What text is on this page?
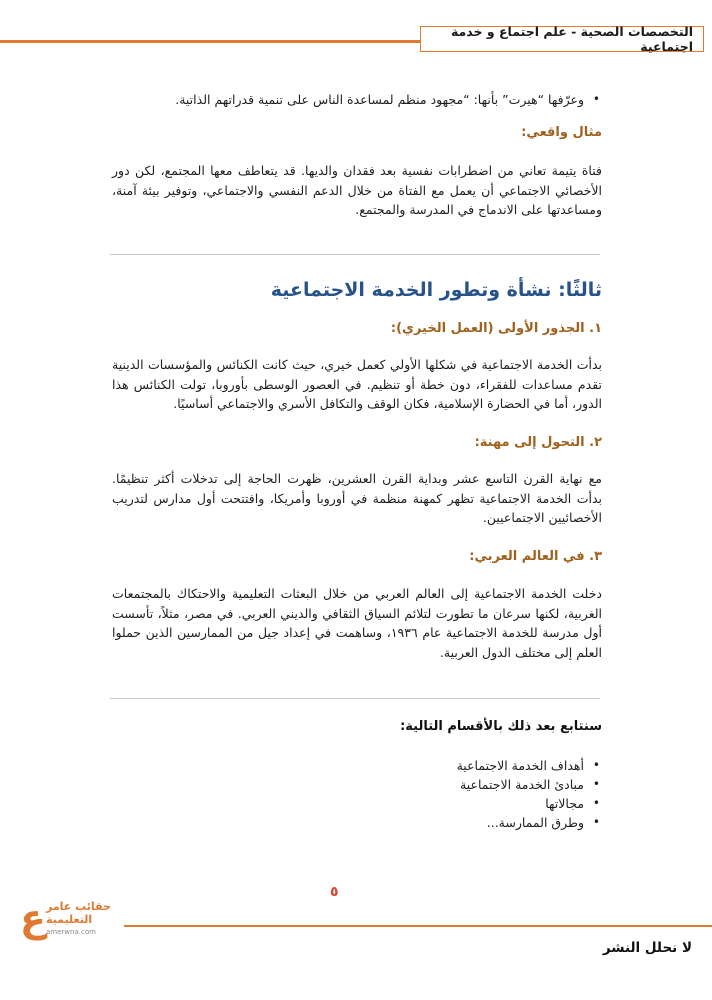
التخصصات الصحية - علم اجتماع و خدمة اجتماعية
• وعرّفها “هيرت” بأنها: “مجهود منظم لمساعدة الناس على تنمية قدراتهم الذاتية.

مثال واقعي:

فتاة يتيمة تعاني من اضطرابات نفسية بعد فقدان والديها. قد يتعاطف معها المجتمع، لكن دور الأخصائي الاجتماعي أن يعمل مع الفتاة من خلال الدعم النفسي والاجتماعي، وتوفير بيئة آمنة، ومساعدتها على الاندماج في المدرسة والمجتمع.

ثالثًا: نشأة وتطور الخدمة الاجتماعية

١. الجذور الأولى (العمل الخيري):

بدأت الخدمة الاجتماعية في شكلها الأولي كعمل خيري، حيث كانت الكنائس والمؤسسات الدينية تقدم مساعدات للفقراء، دون خطة أو تنظيم. في العصور الوسطى بأوروبا، تولت الكنائس هذا الدور، أما في الحضارة الإسلامية، فكان الوقف والتكافل الأسري والاجتماعي أساسيًا.

٢. التحول إلى مهنة:

مع نهاية القرن التاسع عشر وبداية القرن العشرين، ظهرت الحاجة إلى تدخلات أكثر تنظيمًا. بدأت الخدمة الاجتماعية تظهر كمهنة منظمة في أوروبا وأمريكا، وافتتحت أول مدارس لتدريب الأخصائيين الاجتماعيين.

٣. في العالم العربي:

دخلت الخدمة الاجتماعية إلى العالم العربي من خلال البعثات التعليمية والاحتكاك بالمجتمعات الغربية، لكنها سرعان ما تطورت لتلائم السياق الثقافي والديني العربي. في مصر، مثلاً، تأسست أول مدرسة للخدمة الاجتماعية عام ١٩٣٦، وساهمت في إعداد جيل من الممارسين الذين حملوا العلم إلى مختلف الدول العربية.

سنتابع بعد ذلك بالأقسام التالية:

• أهداف الخدمة الاجتماعية
• مبادئ الخدمة الاجتماعية
• مجالاتها
• وطرق الممارسة...
٥
لا نحلل النشر
ع حقائب عامر
التعليمية
amerwna.com
